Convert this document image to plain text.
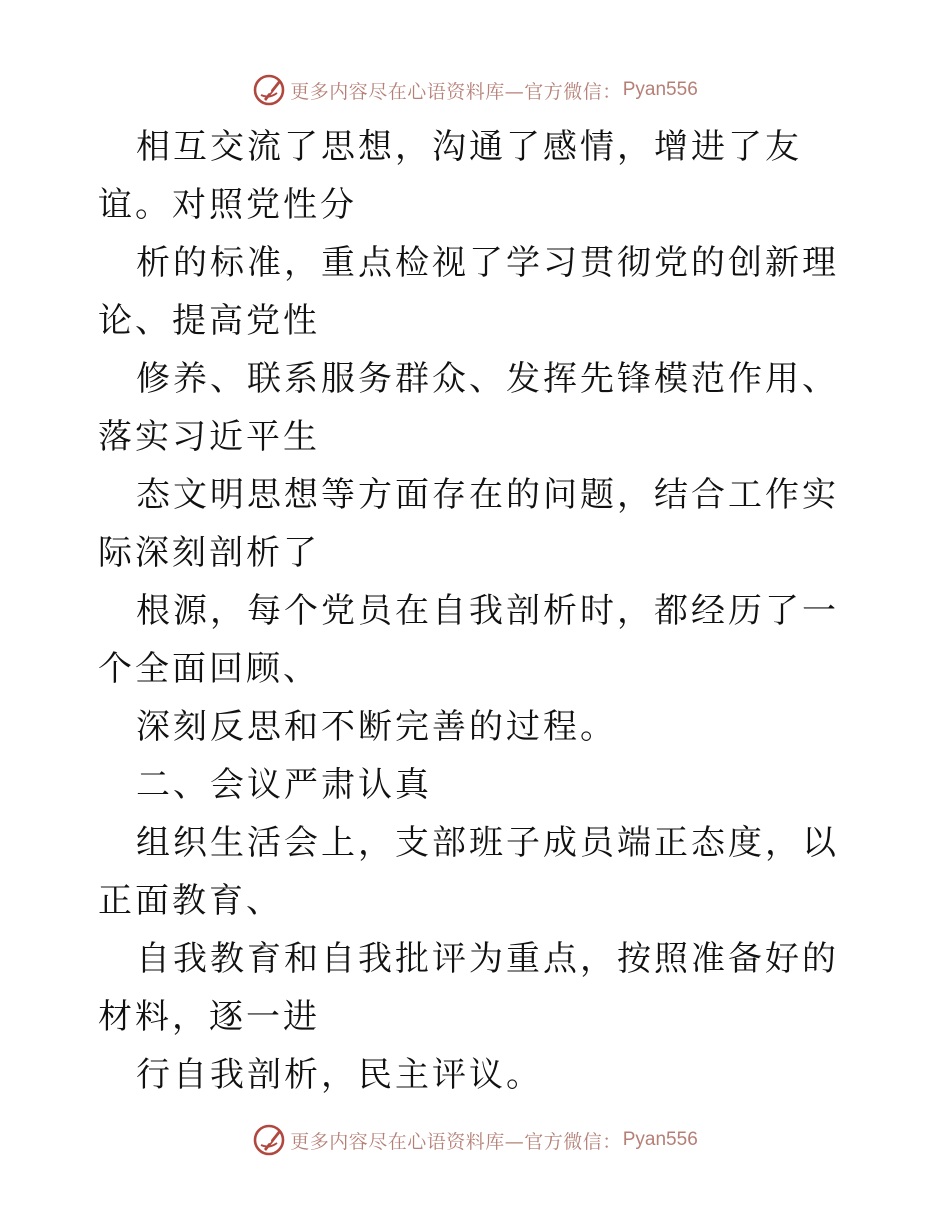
更多内容尽在心语资料库—官方微信： Pyan556

相互交流了思想，沟通了感情，增进了友谊。对照党性分

析的标准，重点检视了学习贯彻党的创新理论、提高党性

修养、联系服务群众、发挥先锋模范作用、落实习近平生

态文明思想等方面存在的问题，结合工作实际深刻剖析了

根源，每个党员在自我剖析时，都经历了一个全面回顾、

深刻反思和不断完善的过程。

二、会议严肃认真

组织生活会上，支部班子成员端正态度，以正面教育、

自我教育和自我批评为重点，按照准备好的材料，逐一进

行自我剖析，民主评议。

更多内容尽在心语资料库—官方微信： Pyan556
